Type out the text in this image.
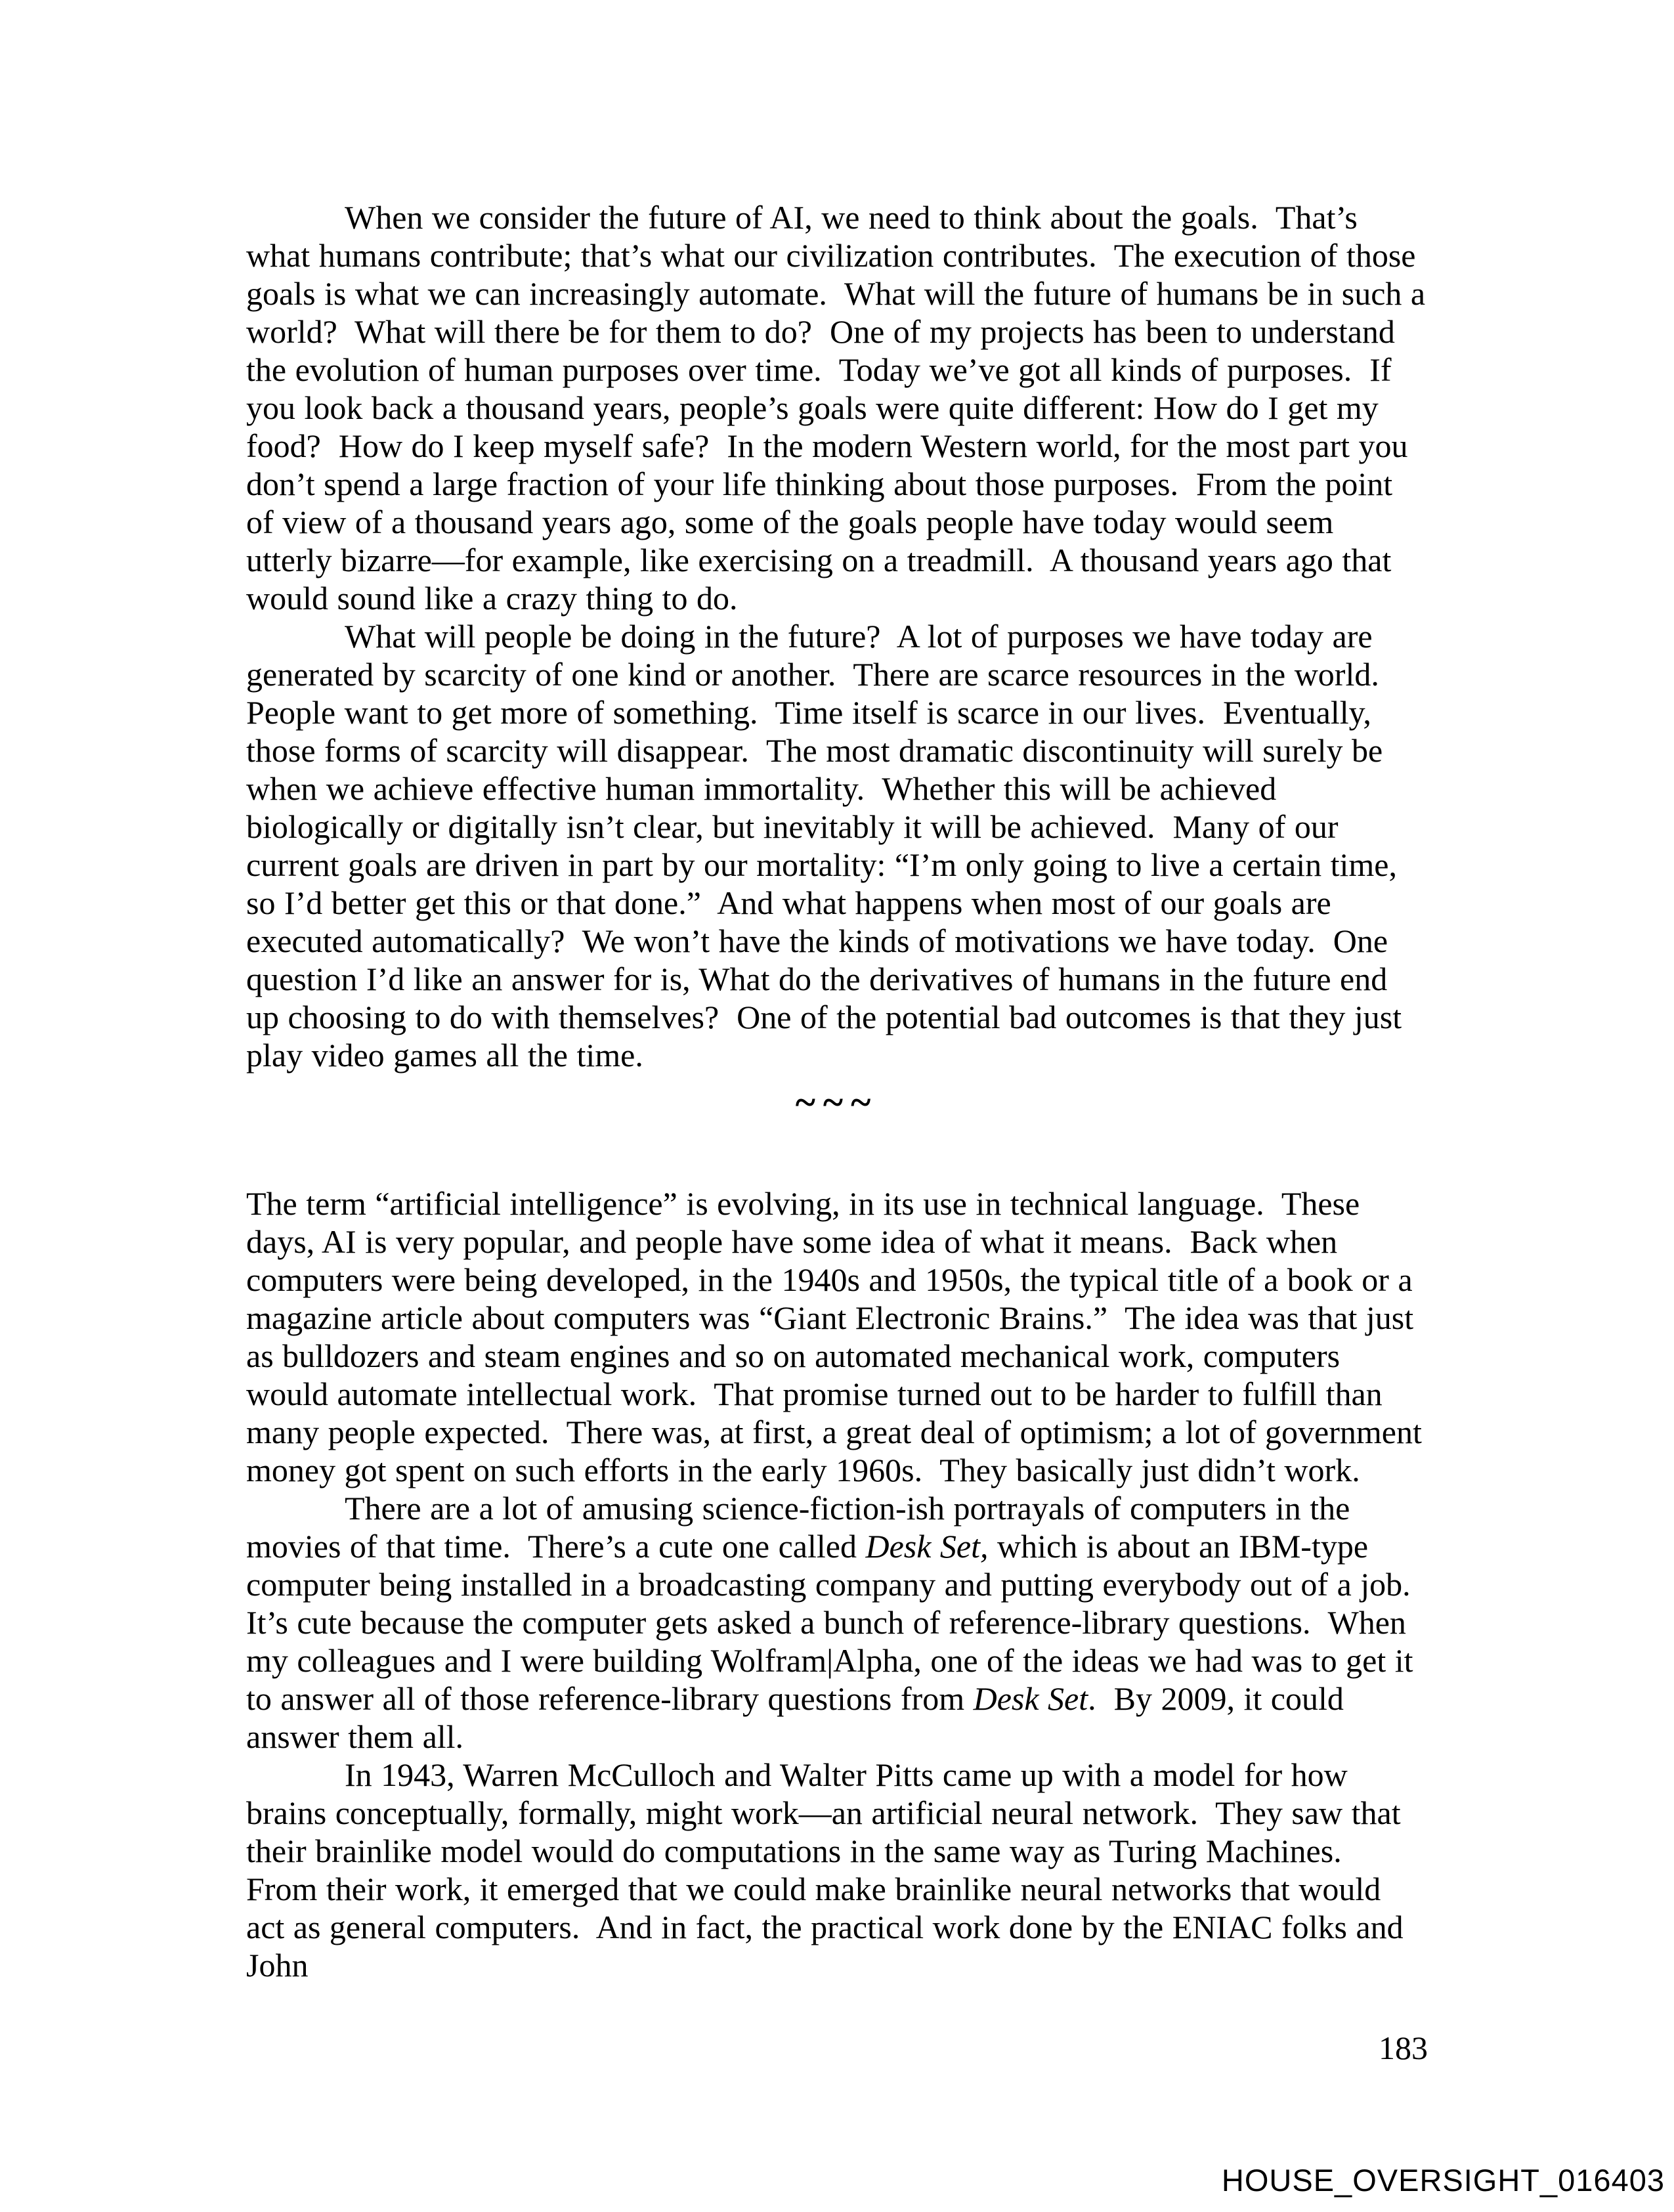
When we consider the future of AI, we need to think about the goals.  That’s what humans contribute; that’s what our civilization contributes.  The execution of those goals is what we can increasingly automate.  What will the future of humans be in such a world?  What will there be for them to do?  One of my projects has been to understand the evolution of human purposes over time.  Today we’ve got all kinds of purposes.  If you look back a thousand years, people’s goals were quite different: How do I get my food?  How do I keep myself safe?  In the modern Western world, for the most part you don’t spend a large fraction of your life thinking about those purposes.  From the point of view of a thousand years ago, some of the goals people have today would seem utterly bizarre—for example, like exercising on a treadmill.  A thousand years ago that would sound like a crazy thing to do.

What will people be doing in the future?  A lot of purposes we have today are generated by scarcity of one kind or another.  There are scarce resources in the world.  People want to get more of something.  Time itself is scarce in our lives.  Eventually, those forms of scarcity will disappear.  The most dramatic discontinuity will surely be when we achieve effective human immortality.  Whether this will be achieved biologically or digitally isn’t clear, but inevitably it will be achieved.  Many of our current goals are driven in part by our mortality: “I’m only going to live a certain time, so I’d better get this or that done.”  And what happens when most of our goals are executed automatically?  We won’t have the kinds of motivations we have today.  One question I’d like an answer for is, What do the derivatives of humans in the future end up choosing to do with themselves?  One of the potential bad outcomes is that they just play video games all the time.

~~~

The term “artificial intelligence” is evolving, in its use in technical language.  These days, AI is very popular, and people have some idea of what it means.  Back when computers were being developed, in the 1940s and 1950s, the typical title of a book or a magazine article about computers was “Giant Electronic Brains.”  The idea was that just as bulldozers and steam engines and so on automated mechanical work, computers would automate intellectual work.  That promise turned out to be harder to fulfill than many people expected.  There was, at first, a great deal of optimism; a lot of government money got spent on such efforts in the early 1960s.  They basically just didn’t work.

There are a lot of amusing science-fiction-ish portrayals of computers in the movies of that time.  There’s a cute one called Desk Set, which is about an IBM-type computer being installed in a broadcasting company and putting everybody out of a job.  It’s cute because the computer gets asked a bunch of reference-library questions.  When my colleagues and I were building Wolfram|Alpha, one of the ideas we had was to get it to answer all of those reference-library questions from Desk Set.  By 2009, it could answer them all.

In 1943, Warren McCulloch and Walter Pitts came up with a model for how brains conceptually, formally, might work—an artificial neural network.  They saw that their brainlike model would do computations in the same way as Turing Machines.  From their work, it emerged that we could make brainlike neural networks that would act as general computers.  And in fact, the practical work done by the ENIAC folks and John

183
HOUSE_OVERSIGHT_016403
